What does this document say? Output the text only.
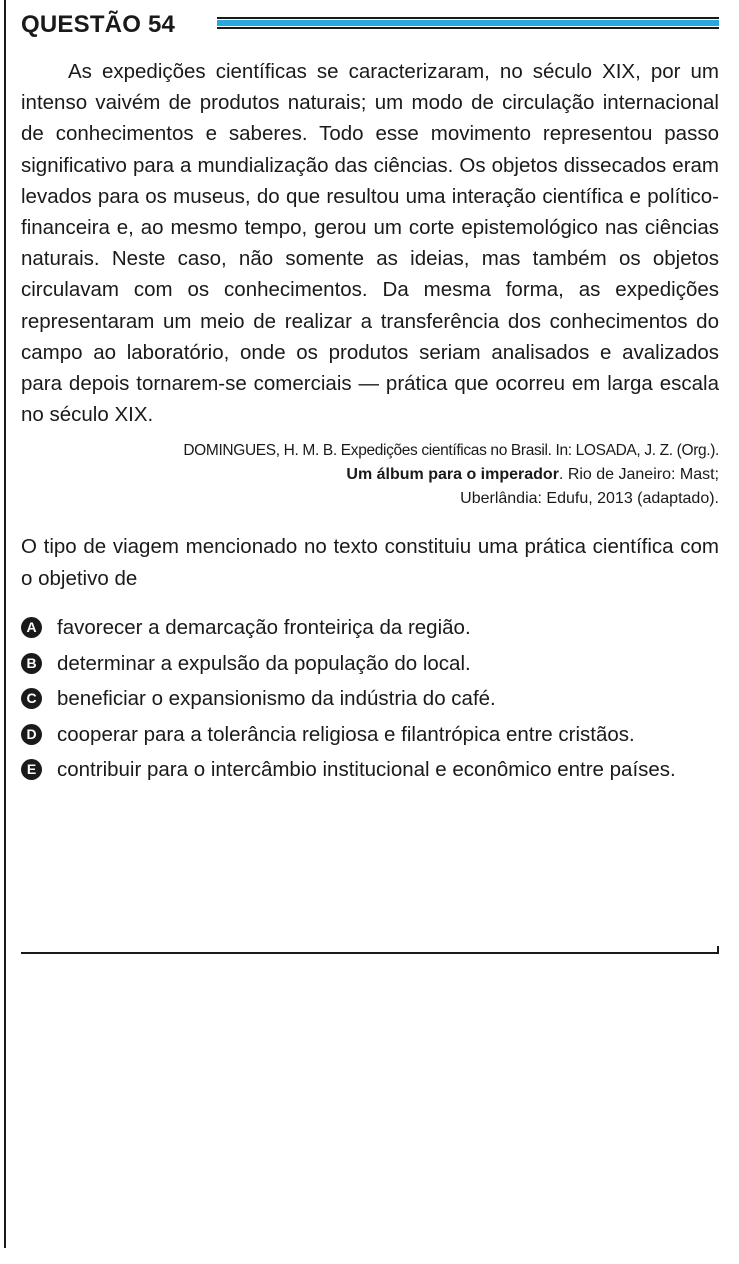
QUESTÃO 54

As expedições científicas se caracterizaram, no século XIX, por um intenso vaivém de produtos naturais; um modo de circulação internacional de conhecimentos e saberes. Todo esse movimento representou passo significativo para a mundialização das ciências. Os objetos dissecados eram levados para os museus, do que resultou uma interação científica e político-financeira e, ao mesmo tempo, gerou um corte epistemológico nas ciências naturais. Neste caso, não somente as ideias, mas também os objetos circulavam com os conhecimentos. Da mesma forma, as expedições representaram um meio de realizar a transferência dos conhecimentos do campo ao laboratório, onde os produtos seriam analisados e avalizados para depois tornarem-se comerciais — prática que ocorreu em larga escala no século XIX.

DOMINGUES, H. M. B. Expedições científicas no Brasil. In: LOSADA, J. Z. (Org.).
Um álbum para o imperador. Rio de Janeiro: Mast;
Uberlândia: Edufu, 2013 (adaptado).

O tipo de viagem mencionado no texto constituiu uma prática científica com o objetivo de

A favorecer a demarcação fronteiriça da região.
B determinar a expulsão da população do local.
C beneficiar o expansionismo da indústria do café.
D cooperar para a tolerância religiosa e filantrópica entre cristãos.
E contribuir para o intercâmbio institucional e econômico entre países.
